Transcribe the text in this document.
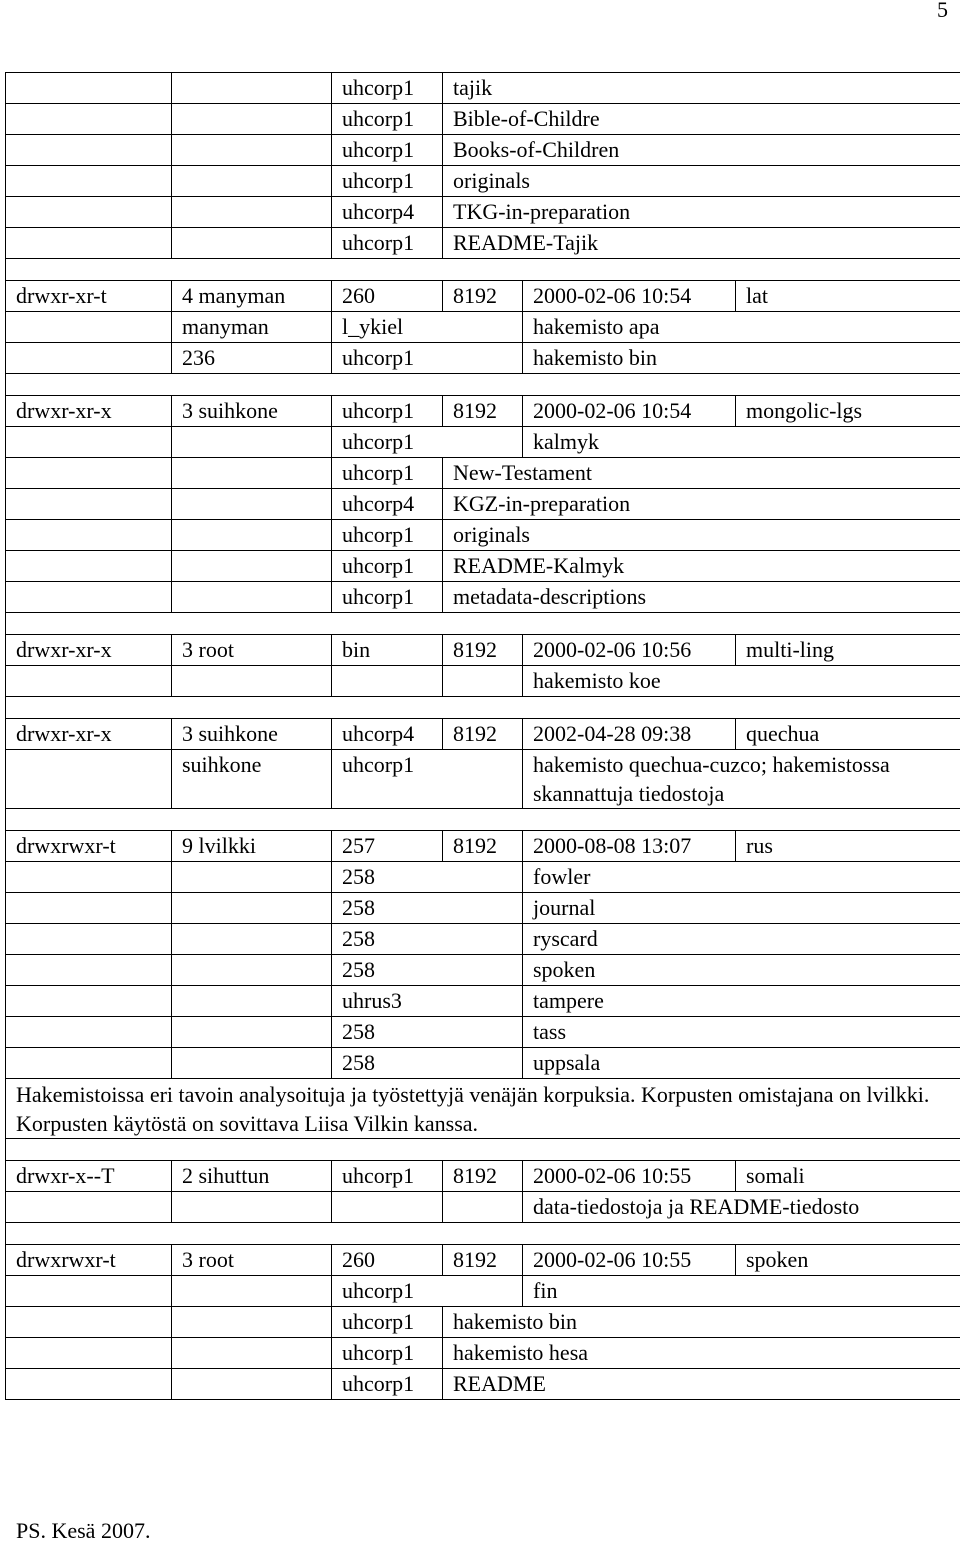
5
		uhcorp1	tajik		
		uhcorp1	Bible-of-Childre		
		uhcorp1	Books-of-Children		
		uhcorp1	originals		
		uhcorp4	TKG-in-preparation		
		uhcorp1	README-Tajik		

drwxr-xr-t	4 manyman	260	8192	2000-02-06 10:54	lat
	manyman	l_ykiel		hakemisto apa	
	236	uhcorp1		hakemisto bin	

drwxr-xr-x	3 suihkone	uhcorp1	8192	2000-02-06 10:54	mongolic-lgs
		uhcorp1		kalmyk	
		uhcorp1	New-Testament		
		uhcorp4	KGZ-in-preparation		
		uhcorp1	originals		
		uhcorp1	README-Kalmyk		
		uhcorp1	metadata-descriptions		

drwxr-xr-x	3 root	bin	8192	2000-02-06 10:56	multi-ling
				hakemisto koe	

drwxr-xr-x	3 suihkone	uhcorp4	8192	2002-04-28 09:38	quechua
	suihkone	uhcorp1		hakemisto quechua-cuzco; hakemistossa skannattuja tiedostoja	

drwxrwxr-t	9 lvilkki	257	8192	2000-08-08 13:07	rus
		258		fowler	
		258		journal	
		258		ryscard	
		258		spoken	
		uhrus3		tampere	
		258		tass	
		258		uppsala	
Hakemistoissa eri tavoin analysoituja ja työstettyjä venäjän korpuksia. Korpusten omistajana on lvilkki. Korpusten käytöstä on sovittava Liisa Vilkin kanssa.					

drwxr-x--T	2 sihuttun	uhcorp1	8192	2000-02-06 10:55	somali
				data-tiedostoja ja README-tiedosto	

drwxrwxr-t	3 root	260	8192	2000-02-06 10:55	spoken
		uhcorp1		fin	
		uhcorp1	hakemisto bin		
		uhcorp1	hakemisto hesa		
		uhcorp1	README		
PS. Kesä 2007.
